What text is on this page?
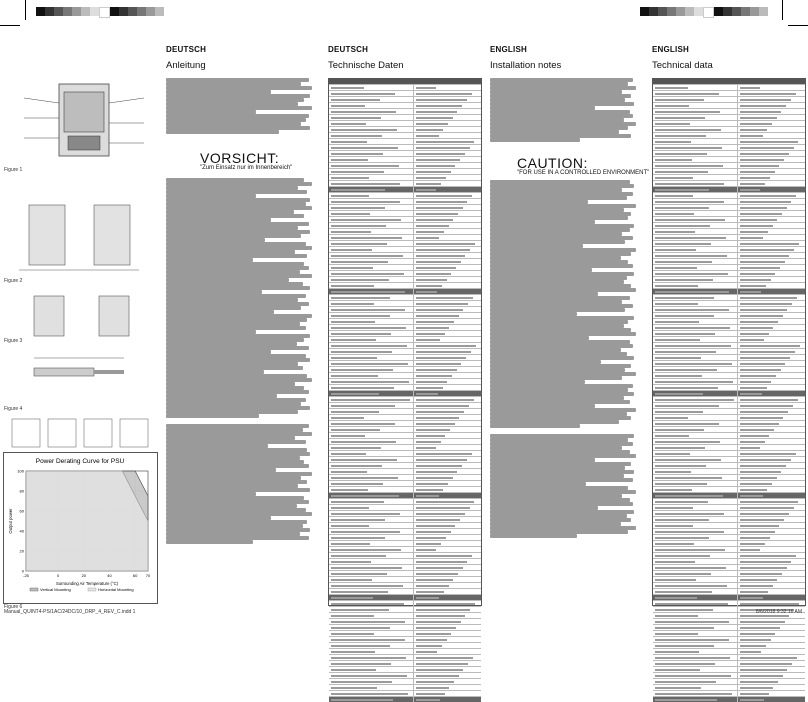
DEUTSCH
Anleitung
DEUTSCH
Technische Daten
ENGLISH
Installation notes
ENGLISH
Technical data
Figure 1
Figure 2
Figure 3
Figure 4
Power Derating Curve for PSU
0
20
40
60
80
100
-25	0	20	40	60 70
Surrounding Air Temperature (°C)
Output power
Vertical Mounting	Horizontal Mounting
Figure 6
VORSICHT:
"Zum Einsatz nur im Innenbereich"	CAUTION:
"FOR USE IN A CONTROLLED ENVIRONMENT"
Manual_QUINT4-PS/1AC/24DC/10_DRP_4_REV_C.indd 1	8/6/2018 9:32:16 AM
